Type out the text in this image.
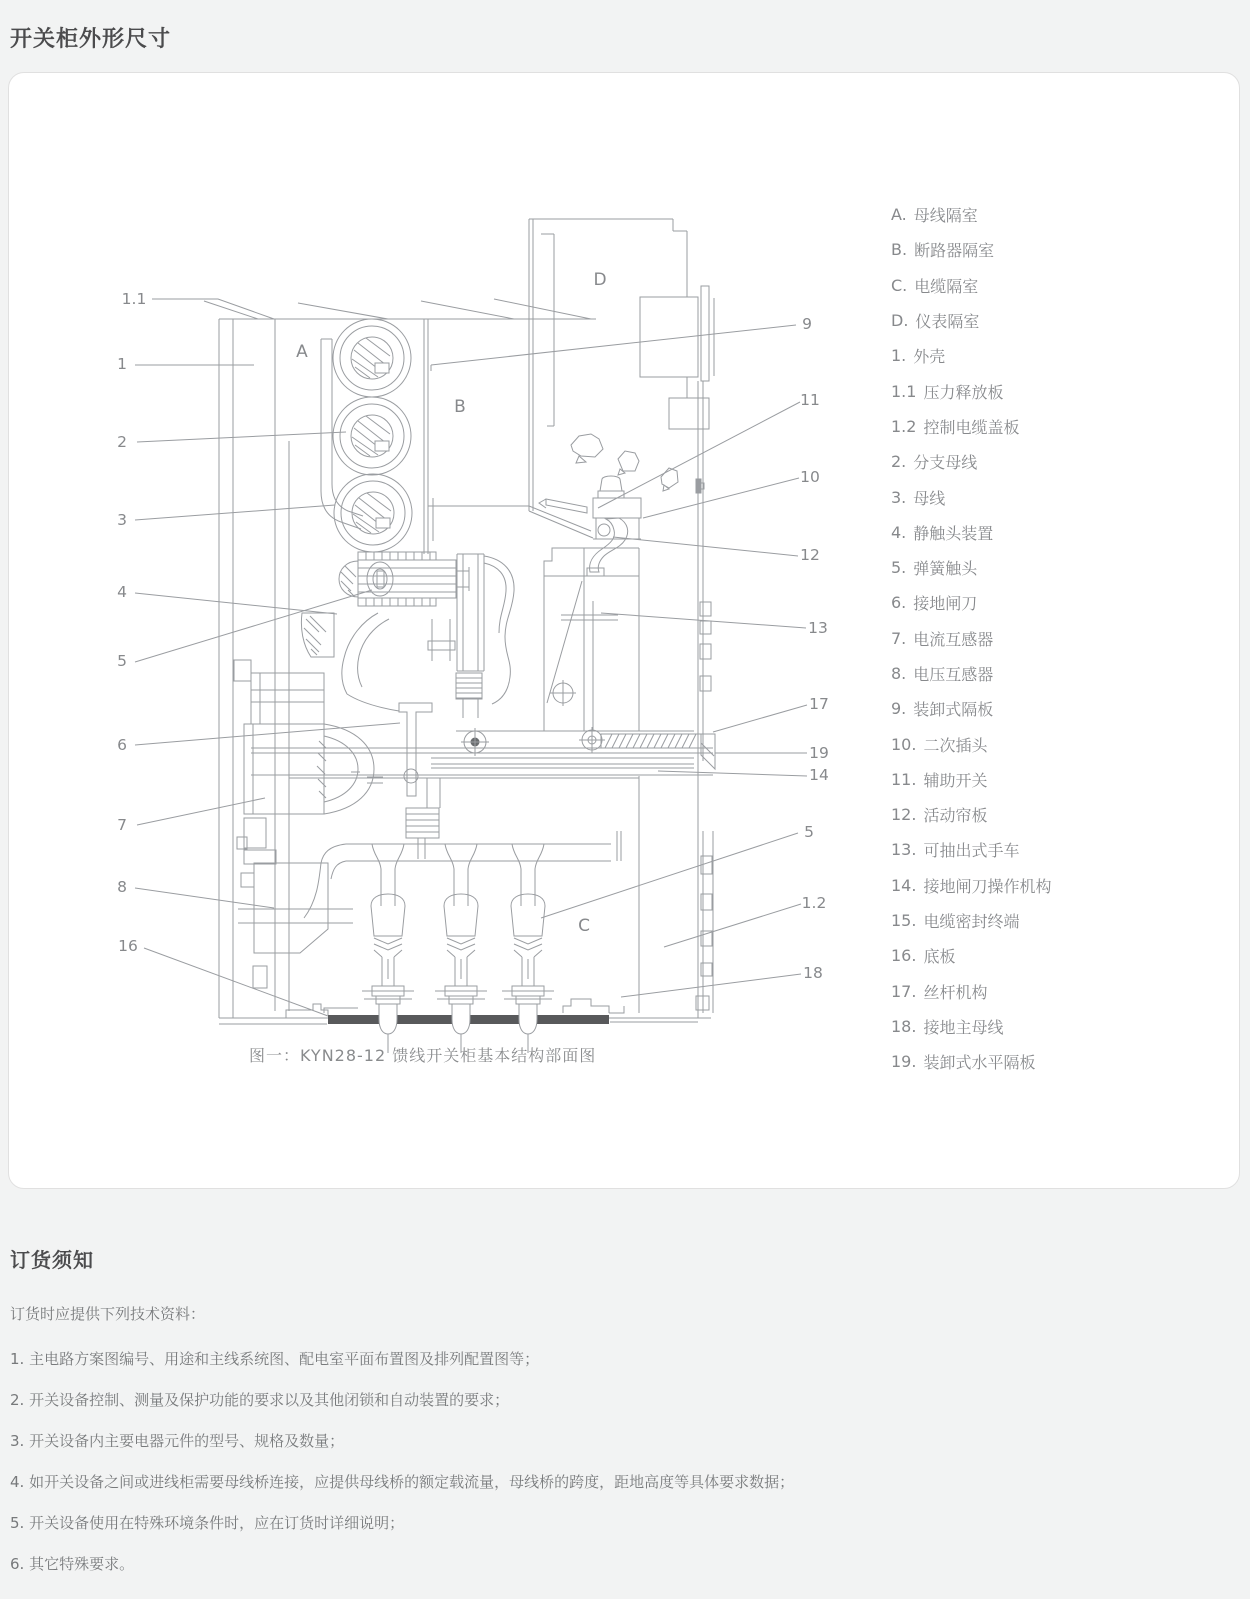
开关柜外形尺寸
1.1
1
2
3
4
5
6
7
8
16
9
11
10
12
13
17
19
14
5
1.2
18
A
B
D
C
A. 母线隔室
B. 断路器隔室
C. 电缆隔室
D. 仪表隔室
1. 外壳
1.1 压力释放板
1.2 控制电缆盖板
2. 分支母线
3. 母线
4. 静触头装置
5. 弹簧触头
6. 接地闸刀
7. 电流互感器
8. 电压互感器
9. 装卸式隔板
10. 二次插头
11. 辅助开关
12. 活动帘板
13. 可抽出式手车
14. 接地闸刀操作机构
15. 电缆密封终端
16. 底板
17. 丝杆机构
18. 接地主母线
19. 装卸式水平隔板
图一：KYN28-12 馈线开关柜基本结构部面图
订货须知
订货时应提供下列技术资料：
1. 主电路方案图编号、用途和主线系统图、配电室平面布置图及排列配置图等；
2. 开关设备控制、测量及保护功能的要求以及其他闭锁和自动装置的要求；
3. 开关设备内主要电器元件的型号、规格及数量；
4. 如开关设备之间或进线柜需要母线桥连接，应提供母线桥的额定载流量，母线桥的跨度，距地高度等具体要求数据；
5. 开关设备使用在特殊环境条件时，应在订货时详细说明；
6. 其它特殊要求。
